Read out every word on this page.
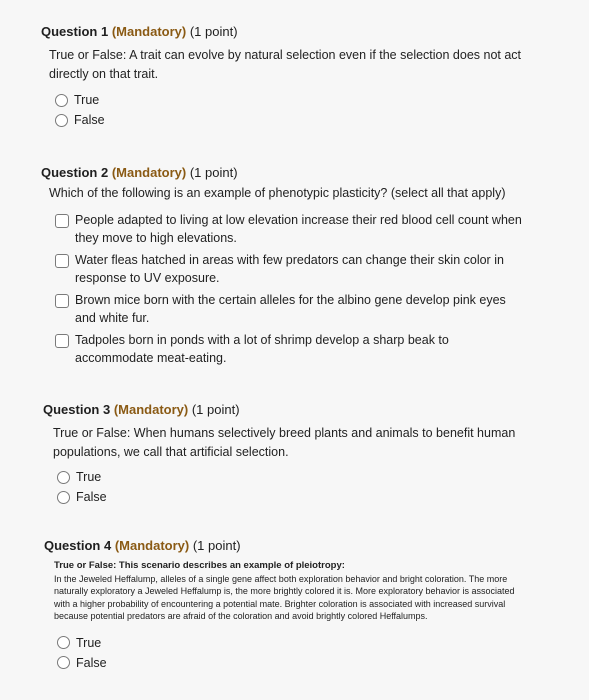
Question 1 (Mandatory) (1 point)
True or False: A trait can evolve by natural selection even if the selection does not act directly on that trait.
True
False
Question 2 (Mandatory) (1 point)
Which of the following is an example of phenotypic plasticity? (select all that apply)
People adapted to living at low elevation increase their red blood cell count when they move to high elevations.
Water fleas hatched in areas with few predators can change their skin color in response to UV exposure.
Brown mice born with the certain alleles for the albino gene develop pink eyes and white fur.
Tadpoles born in ponds with a lot of shrimp develop a sharp beak to accommodate meat-eating.
Question 3 (Mandatory) (1 point)
True or False: When humans selectively breed plants and animals to benefit human populations, we call that artificial selection.
True
False
Question 4 (Mandatory) (1 point)
True or False: This scenario describes an example of pleiotropy:
In the Jeweled Heffalump, alleles of a single gene affect both exploration behavior and bright coloration. The more naturally exploratory a Jeweled Heffalump is, the more brightly colored it is. More exploratory behavior is associated with a higher probability of encountering a potential mate. Brighter coloration is associated with increased survival because potential predators are afraid of the coloration and avoid brightly colored Heffalumps.
True
False
